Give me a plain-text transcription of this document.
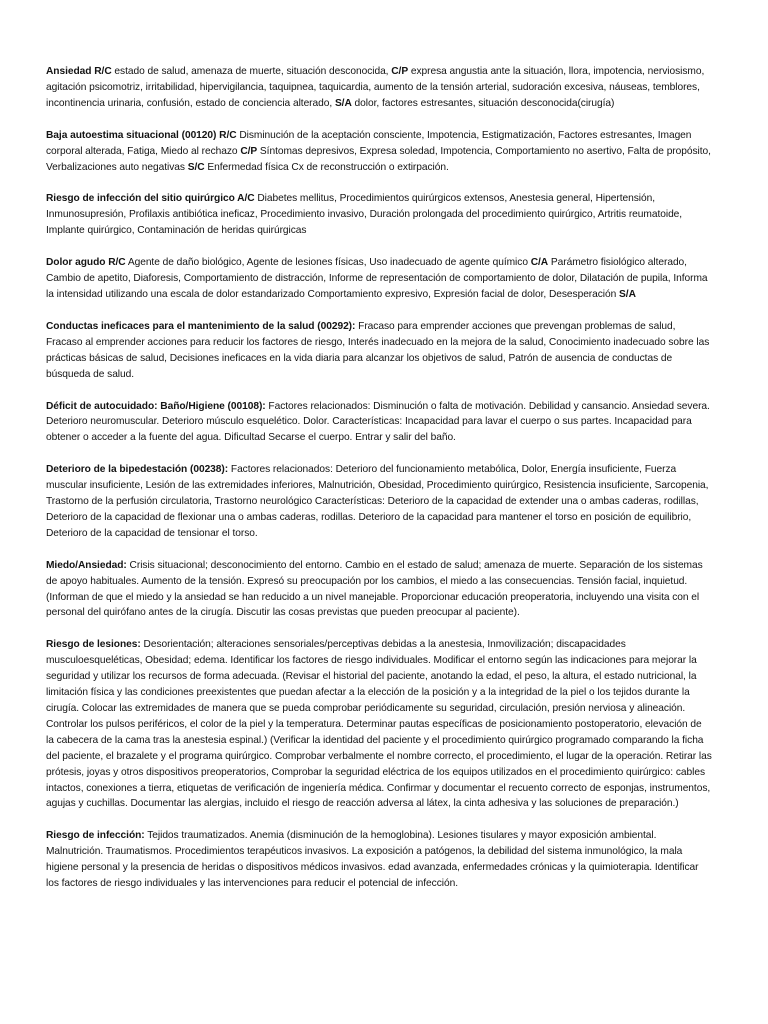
Ansiedad R/C estado de salud, amenaza de muerte, situación desconocida, C/P expresa angustia ante la situación, llora, impotencia, nerviosismo, agitación psicomotriz, irritabilidad, hipervigilancia, taquipnea, taquicardia, aumento de la tensión arterial, sudoración excesiva, náuseas, temblores, incontinencia urinaria, confusión, estado de conciencia alterado, S/A dolor, factores estresantes, situación desconocida(cirugía)

Baja autoestima situacional (00120) R/C Disminución de la aceptación consciente, Impotencia, Estigmatización, Factores estresantes, Imagen corporal alterada, Fatiga, Miedo al rechazo C/P Síntomas depresivos, Expresa soledad, Impotencia, Comportamiento no asertivo, Falta de propósito, Verbalizaciones auto negativas S/C Enfermedad física Cx de reconstrucción o extirpación.

Riesgo de infección del sitio quirúrgico A/C Diabetes mellitus, Procedimientos quirúrgicos extensos, Anestesia general, Hipertensión, Inmunosupresión, Profilaxis antibiótica ineficaz, Procedimiento invasivo, Duración prolongada del procedimiento quirúrgico, Artritis reumatoide, Implante quirúrgico, Contaminación de heridas quirúrgicas

Dolor agudo R/C Agente de daño biológico, Agente de lesiones físicas, Uso inadecuado de agente químico C/A Parámetro fisiológico alterado, Cambio de apetito, Diaforesis, Comportamiento de distracción, Informe de representación de comportamiento de dolor, Dilatación de pupila, Informa la intensidad utilizando una escala de dolor estandarizado Comportamiento expresivo, Expresión facial de dolor, Desesperación S/A

Conductas ineficaces para el mantenimiento de la salud (00292): Fracaso para emprender acciones que prevengan problemas de salud, Fracaso al emprender acciones para reducir los factores de riesgo, Interés inadecuado en la mejora de la salud, Conocimiento inadecuado sobre las prácticas básicas de salud, Decisiones ineficaces en la vida diaria para alcanzar los objetivos de salud, Patrón de ausencia de conductas de búsqueda de salud.

Déficit de autocuidado: Baño/Higiene (00108): Factores relacionados: Disminución o falta de motivación. Debilidad y cansancio. Ansiedad severa. Deterioro neuromuscular. Deterioro músculo esquelético. Dolor. Características: Incapacidad para lavar el cuerpo o sus partes. Incapacidad para obtener o acceder a la fuente del agua. Dificultad Secarse el cuerpo. Entrar y salir del baño.

Deterioro de la bipedestación (00238): Factores relacionados: Deterioro del funcionamiento metabólica, Dolor, Energía insuficiente, Fuerza muscular insuficiente, Lesión de las extremidades inferiores, Malnutrición, Obesidad, Procedimiento quirúrgico, Resistencia insuficiente, Sarcopenia, Trastorno de la perfusión circulatoria, Trastorno neurológico Características: Deterioro de la capacidad de extender una o ambas caderas, rodillas, Deterioro de la capacidad de flexionar una o ambas caderas, rodillas. Deterioro de la capacidad para mantener el torso en posición de equilibrio, Deterioro de la capacidad de tensionar el torso.

Miedo/Ansiedad: Crisis situacional; desconocimiento del entorno. Cambio en el estado de salud; amenaza de muerte. Separación de los sistemas de apoyo habituales. Aumento de la tensión. Expresó su preocupación por los cambios, el miedo a las consecuencias. Tensión facial, inquietud. (Informan de que el miedo y la ansiedad se han reducido a un nivel manejable. Proporcionar educación preoperatoria, incluyendo una visita con el personal del quirófano antes de la cirugía. Discutir las cosas previstas que pueden preocupar al paciente).

Riesgo de lesiones: Desorientación; alteraciones sensoriales/perceptivas debidas a la anestesia, Inmovilización; discapacidades musculoesqueléticas, Obesidad; edema. Identificar los factores de riesgo individuales. Modificar el entorno según las indicaciones para mejorar la seguridad y utilizar los recursos de forma adecuada. (Revisar el historial del paciente, anotando la edad, el peso, la altura, el estado nutricional, la limitación física y las condiciones preexistentes que puedan afectar a la elección de la posición y a la integridad de la piel o los tejidos durante la cirugía. Colocar las extremidades de manera que se pueda comprobar periódicamente su seguridad, circulación, presión nerviosa y alineación. Controlar los pulsos periféricos, el color de la piel y la temperatura. Determinar pautas específicas de posicionamiento postoperatorio, elevación de la cabecera de la cama tras la anestesia espinal.) (Verificar la identidad del paciente y el procedimiento quirúrgico programado comparando la ficha del paciente, el brazalete y el programa quirúrgico. Comprobar verbalmente el nombre correcto, el procedimiento, el lugar de la operación. Retirar las prótesis, joyas y otros dispositivos preoperatorios, Comprobar la seguridad eléctrica de los equipos utilizados en el procedimiento quirúrgico: cables intactos, conexiones a tierra, etiquetas de verificación de ingeniería médica. Confirmar y documentar el recuento correcto de esponjas, instrumentos, agujas y cuchillas. Documentar las alergias, incluido el riesgo de reacción adversa al látex, la cinta adhesiva y las soluciones de preparación.)

Riesgo de infección: Tejidos traumatizados. Anemia (disminución de la hemoglobina). Lesiones tisulares y mayor exposición ambiental. Malnutrición. Traumatismos. Procedimientos terapéuticos invasivos. La exposición a patógenos, la debilidad del sistema inmunológico, la mala higiene personal y la presencia de heridas o dispositivos médicos invasivos. edad avanzada, enfermedades crónicas y la quimioterapia. Identificar los factores de riesgo individuales y las intervenciones para reducir el potencial de infección.
